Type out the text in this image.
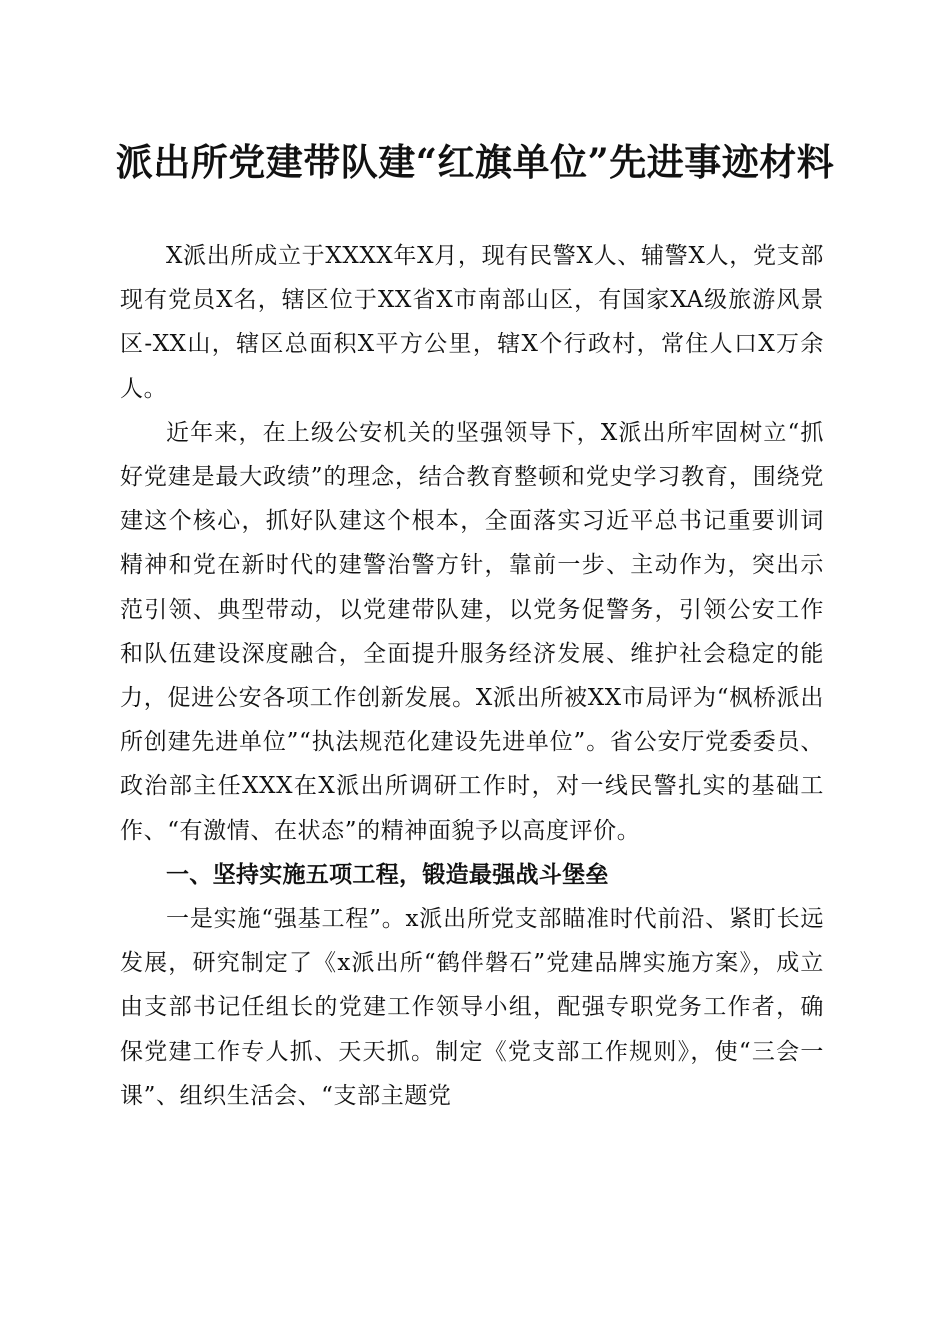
派出所党建带队建“红旗单位”先进事迹材料

X派出所成立于XXXX年X月，现有民警X人、辅警X人，党支部现有党员X名，辖区位于XX省X市南部山区，有国家XA级旅游风景区-XX山，辖区总面积X平方公里，辖X个行政村，常住人口X万余人。

近年来，在上级公安机关的坚强领导下，X派出所牢固树立“抓好党建是最大政绩”的理念，结合教育整顿和党史学习教育，围绕党建这个核心，抓好队建这个根本，全面落实习近平总书记重要训词精神和党在新时代的建警治警方针，靠前一步、主动作为，突出示范引领、典型带动，以党建带队建，以党务促警务，引领公安工作和队伍建设深度融合，全面提升服务经济发展、维护社会稳定的能力，促进公安各项工作创新发展。X派出所被XX市局评为“枫桥派出所创建先进单位”“执法规范化建设先进单位”。省公安厅党委委员、政治部主任XXX在X派出所调研工作时，对一线民警扎实的基础工作、“有激情、在状态”的精神面貌予以高度评价。

一、坚持实施五项工程，锻造最强战斗堡垒

一是实施“强基工程”。x派出所党支部瞄准时代前沿、紧盯长远发展，研究制定了《x派出所“鹤伴磐石”党建品牌实施方案》，成立由支部书记任组长的党建工作领导小组，配强专职党务工作者，确保党建工作专人抓、天天抓。制定《党支部工作规则》，使“三会一课”、组织生活会、“支部主题党
